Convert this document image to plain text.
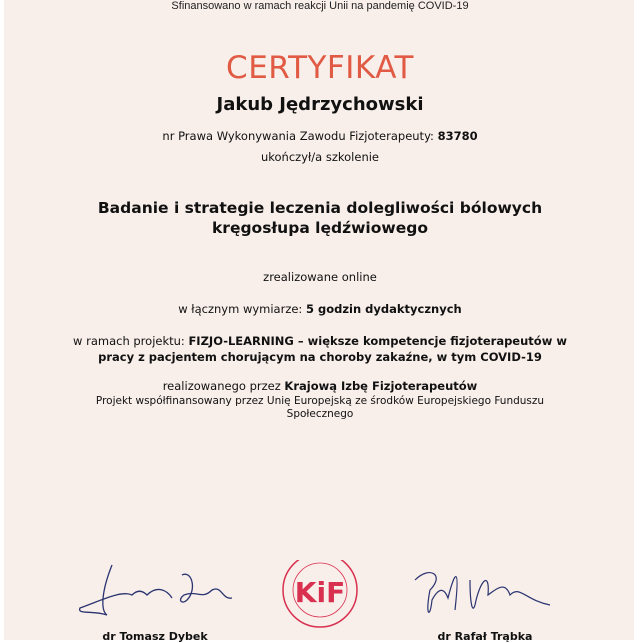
Sfinansowano w ramach reakcji Unii na pandemię COVID-19
CERTYFIKAT
Jakub Jędrzychowski
nr Prawa Wykonywania Zawodu Fizjoterapeuty: 83780
ukończył/a szkolenie
Badanie i strategie leczenia dolegliwości bólowych
kręgosłupa lędźwiowego
zrealizowane online
w łącznym wymiarze: 5 godzin dydaktycznych
w ramach projektu: FIZJO-LEARNING – większe kompetencje fizjoterapeutów w
pracy z pacjentem chorującym na choroby zakaźne, w tym COVID-19
realizowanego przez Krajową Izbę Fizjoterapeutów
Projekt współfinansowany przez Unię Europejską ze środków Europejskiego Funduszu
Społecznego
KiF
dr Tomasz Dybek	dr Rafał Trąbka
